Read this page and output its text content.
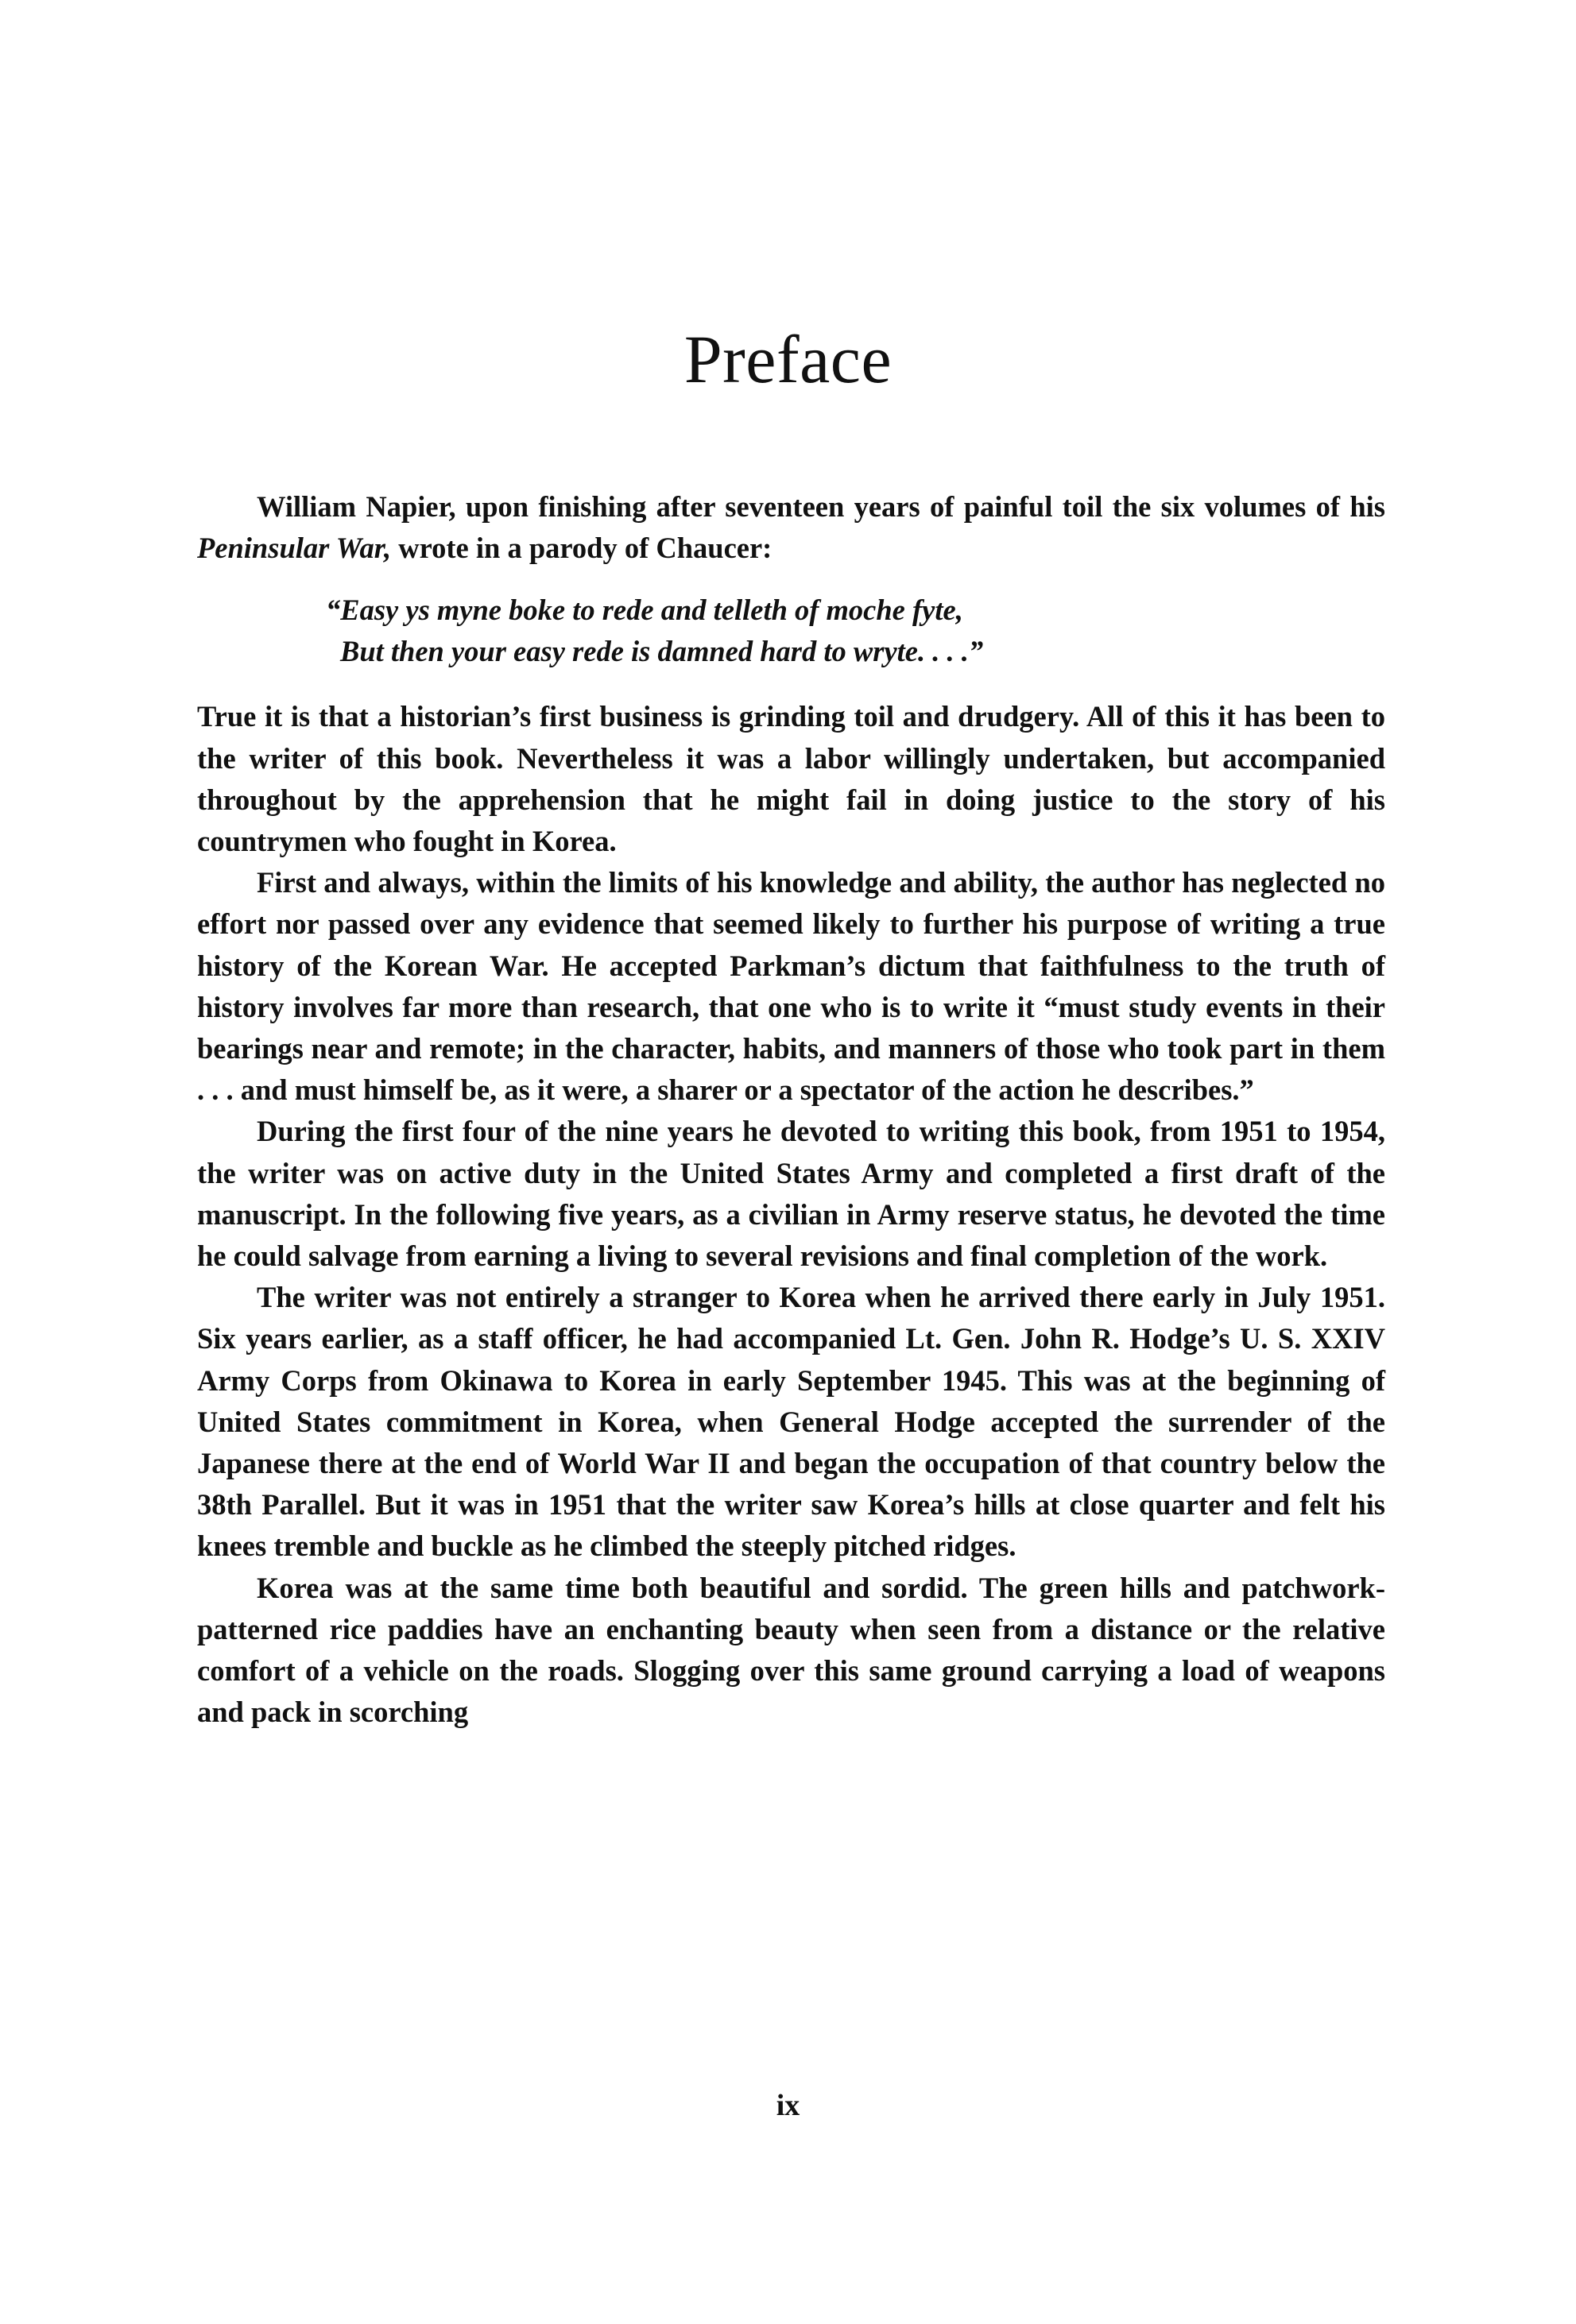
Preface

William Napier, upon finishing after seventeen years of painful toil the six volumes of his Peninsular War, wrote in a parody of Chaucer:

“Easy ys myne boke to rede and telleth of moche fyte,
But then your easy rede is damned hard to wryte. . . .”

True it is that a historian’s first business is grinding toil and drudgery. All of this it has been to the writer of this book. Nevertheless it was a labor willingly undertaken, but accompanied throughout by the apprehension that he might fail in doing justice to the story of his countrymen who fought in Korea.

First and always, within the limits of his knowledge and ability, the author has neglected no effort nor passed over any evidence that seemed likely to further his purpose of writing a true history of the Korean War. He accepted Parkman’s dictum that faithfulness to the truth of history involves far more than research, that one who is to write it “must study events in their bearings near and remote; in the character, habits, and manners of those who took part in them . . . and must himself be, as it were, a sharer or a spectator of the action he describes.”

During the first four of the nine years he devoted to writing this book, from 1951 to 1954, the writer was on active duty in the United States Army and completed a first draft of the manuscript. In the following five years, as a civilian in Army reserve status, he devoted the time he could salvage from earning a living to several revisions and final completion of the work.

The writer was not entirely a stranger to Korea when he arrived there early in July 1951. Six years earlier, as a staff officer, he had accompanied Lt. Gen. John R. Hodge’s U. S. XXIV Army Corps from Okinawa to Korea in early September 1945. This was at the beginning of United States commitment in Korea, when General Hodge accepted the surrender of the Japanese there at the end of World War II and began the occupation of that country below the 38th Parallel. But it was in 1951 that the writer saw Korea’s hills at close quarter and felt his knees tremble and buckle as he climbed the steeply pitched ridges.

Korea was at the same time both beautiful and sordid. The green hills and patchwork-patterned rice paddies have an enchanting beauty when seen from a distance or the relative comfort of a vehicle on the roads. Slogging over this same ground carrying a load of weapons and pack in scorching

ix
